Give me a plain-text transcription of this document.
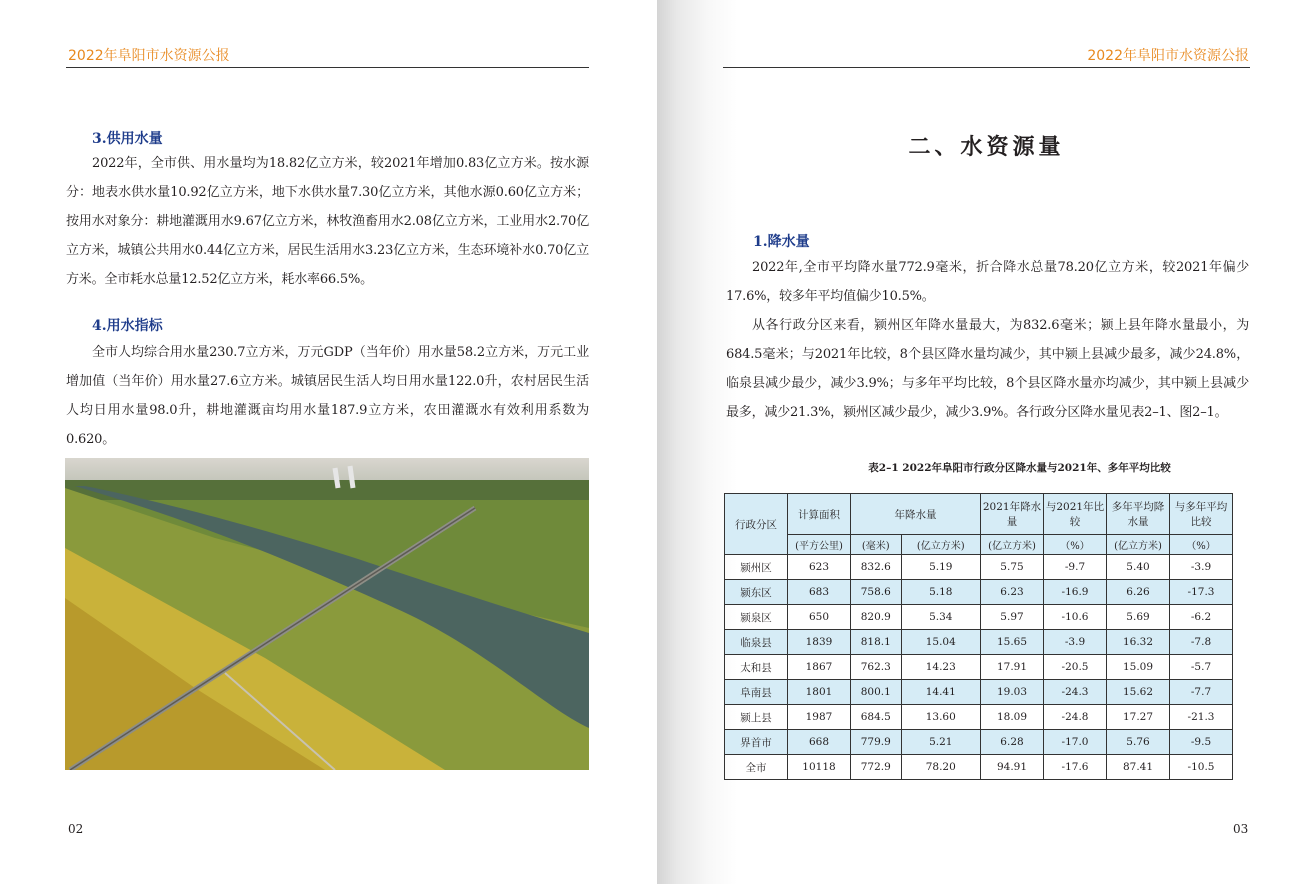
2022年阜阳市水资源公报
3.供用水量
2022年，全市供、用水量均为18.82亿立方米，较2021年增加0.83亿立方米。按水源分：地表水供水量10.92亿立方米，地下水供水量7.30亿立方米，其他水源0.60亿立方米；按用水对象分：耕地灌溉用水9.67亿立方米，林牧渔畜用水2.08亿立方米，工业用水2.70亿立方米，城镇公共用水0.44亿立方米，居民生活用水3.23亿立方米，生态环境补水0.70亿立方米。全市耗水总量12.52亿立方米，耗水率66.5%。
4.用水指标
全市人均综合用水量230.7立方米，万元GDP（当年价）用水量58.2立方米，万元工业增加值（当年价）用水量27.6立方米。城镇居民生活人均日用水量122.0升，农村居民生活人均日用水量98.0升，耕地灌溉亩均用水量187.9立方米，农田灌溉水有效利用系数为0.620。
02
2022年阜阳市水资源公报
二、水资源量
1.降水量
2022年,全市平均降水量772.9毫米，折合降水总量78.20亿立方米，较2021年偏少17.6%，较多年平均值偏少10.5%。
从各行政分区来看，颍州区年降水量最大，为832.6毫米；颍上县年降水量最小，为684.5毫米；与2021年比较，8个县区降水量均减少，其中颍上县减少最多，减少24.8%，临泉县减少最少，减少3.9%；与多年平均比较，8个县区降水量亦均减少，其中颍上县减少最多，减少21.3%，颍州区减少最少，减少3.9%。各行政分区降水量见表2–1、图2–1。
表2–1 2022年阜阳市行政分区降水量与2021年、多年平均比较
行政分区	计算面积	年降水量		2021年降水量	与2021年比较	多年平均降水量	与多年平均比较
	(平方公里)	(毫米)	(亿立方米)	(亿立方米)	（%）	(亿立方米)	（%）
颍州区	623	832.6	5.19	5.75	-9.7	5.40	-3.9
颍东区	683	758.6	5.18	6.23	-16.9	6.26	-17.3
颍泉区	650	820.9	5.34	5.97	-10.6	5.69	-6.2
临泉县	1839	818.1	15.04	15.65	-3.9	16.32	-7.8
太和县	1867	762.3	14.23	17.91	-20.5	15.09	-5.7
阜南县	1801	800.1	14.41	19.03	-24.3	15.62	-7.7
颍上县	1987	684.5	13.60	18.09	-24.8	17.27	-21.3
界首市	668	779.9	5.21	6.28	-17.0	5.76	-9.5
全市	10118	772.9	78.20	94.91	-17.6	87.41	-10.5
03
